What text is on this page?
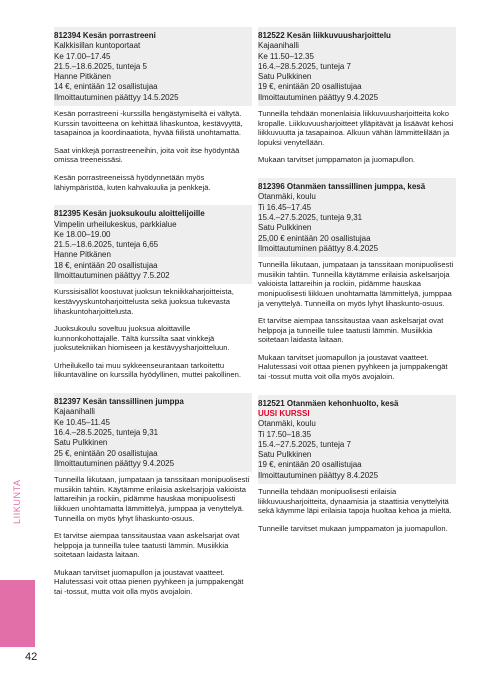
812394 Kesän porrastreeni
Kalkkisillan kuntoportaat
Ke 17.00–17.45
21.5.–18.6.2025, tunteja 5
Hanne Pitkänen
14 €, enintään 12 osallistujaa
Ilmoittautuminen päättyy 14.5.2025

Kesän porrastreeni -kurssilla hengästymiseltä ei vältytä. Kurssin tavoitteena on kehittää lihaskuntoa, kestävyyttä, tasapainoa ja koordinaatiota, hyvää fiilistä unohtamatta.

Saat vinkkejä porrastreeneihin, joita voit itse hyödyntää omissa treeneissäsi.

Kesän porrastreeneissä hyödynnetään myös lähiympäristöä, kuten kahvakuulia ja penkkejä.

812395 Kesän juoksukoulu aloittelijoille
Vimpelin urheilukeskus, parkkialue
Ke 18.00–19.00
21.5.–18.6.2025, tunteja 6,65
Hanne Pitkänen
18 €, enintään 20 osallistujaa
Ilmoittautuminen päättyy 7.5.202

Kurssisisällöt koostuvat juoksun tekniikkaharjoitteista, kestävyyskuntoharjoittelusta sekä juoksua tukevasta lihaskuntoharjoittelusta.

Juoksukoulu soveltuu juoksua aloittaville kunnonkohottajalle. Tältä kurssilta saat vinkkejä juoksutekniikan hiomiseen ja kestävyysharjoitteluun.

Urheilukello tai muu sykkeenseurantaan tarkoitettu liikuntaväline on kurssilla hyödyllinen, muttei pakollinen.

812397 Kesän tanssillinen jumppa
Kajaanihalli
Ke 10.45–11.45
16.4.–28.5.2025, tunteja 9,31
Satu Pulkkinen
25 €, enintään 20 osallistujaa
Ilmoittautuminen päättyy 9.4.2025

Tunneilla liikutaan, jumpataan ja tanssitaan monipuolisesti musiikin tahtiin. Käytämme erilaisia askelsarjoja vakioista lattareihin ja rockiin, pidämme hauskaa monipuolisesti liikkuen unohtamatta lämmittelyä, jumppaa ja venyttelyä. Tunneilla on myös lyhyt lihaskunto-osuus.

Et tarvitse aiempaa tanssitaustaa vaan askelsarjat ovat helppoja ja tunneilla tulee taatusti lämmin. Musiikkia soitetaan laidasta laitaan.

Mukaan tarvitset juomapullon ja joustavat vaatteet. Halutessasi voit ottaa pienen pyyhkeen ja jumppakengät tai -tossut, mutta voit olla myös avojaloin.

812522 Kesän liikkuvuusharjoittelu
Kajaanihalli
Ke 11.50–12.35
16.4.–28.5.2025, tunteja 7
Satu Pulkkinen
19 €, enintään 20 osallistujaa
Ilmoittautuminen päättyy 9.4.2025

Tunneilla tehdään monenlaisia liikkuvuusharjoitteita koko kropalle. Liikkuvuusharjoitteet ylläpitävät ja lisäävät kehosi liikkuvuutta ja tasapainoa. Alkuun vähän lämmittelilään ja lopuksi venytellään.

Mukaan tarvitset jumppamaton ja juomapullon.

812396 Otanmäen tanssillinen jumppa, kesä
Otanmäki, koulu
Ti 16.45–17.45
15.4.–27.5.2025, tunteja 9,31
Satu Pulkkinen
25,00 € enintään 20 osallistujaa
Ilmoittautuminen päättyy 8.4.2025

Tunneilla liikutaan, jumpataan ja tanssitaan monipuolisesti musiikin tahtiin. Tunneilla käytämme erilaisia askelsarjoja vakioista lattareihin ja rockiin, pidämme hauskaa monipuolisesti liikkuen unohtamatta lämmittelyä, jumppaa ja venyttelyä. Tunneilla on myös lyhyt lihaskunto-osuus.

Et tarvitse aiempaa tanssitaustaa vaan askelsarjat ovat helppoja ja tunneille tulee taatusti lämmin. Musiikkia soitetaan laidasta laitaan.

Mukaan tarvitset juomapullon ja joustavat vaatteet. Halutessasi voit ottaa pienen pyyhkeen ja jumppakengät tai -tossut mutta voit olla myös avojaloin.

812521 Otanmäen kehonhuolto, kesä
UUSI KURSSI
Otanmäki, koulu
Ti 17.50–18.35
15.4.–27.5.2025, tunteja 7
Satu Pulkkinen
19 €, enintään 20 osallistujaa
Ilmoittautuminen päättyy 8.4.2025

Tunneilla tehdään monipuolisesti erilaisia liikkuvuusharjoitteita, dynaamisia ja staattisia venyttelyitä sekä käymme läpi erilaisia tapoja huoltaa kehoa ja mieltä.

Tunneille tarvitset mukaan jumppamaton ja juomapullon.

LIIKUNTA
42
